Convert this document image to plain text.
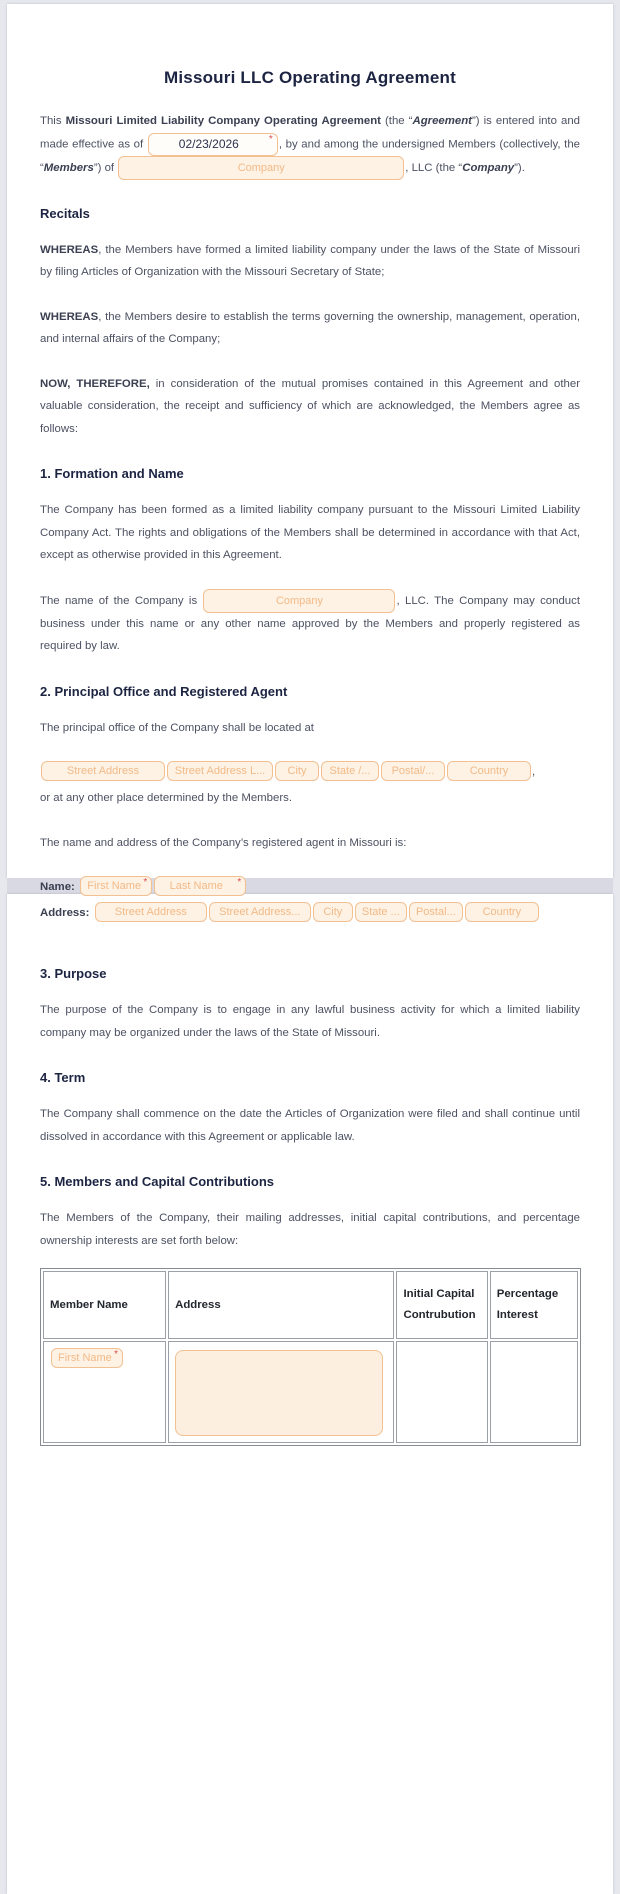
Missouri LLC Operating Agreement

This Missouri Limited Liability Company Operating Agreement (the “Agreement”) is entered into and made effective as of	02/23/2026	* , by and among the undersigned Members (collectively, the “Members”) of	Company	, LLC (the “Company”).

Recitals

WHEREAS, the Members have formed a limited liability company under the laws of the State of Missouri by filing Articles of Organization with the Missouri Secretary of State;

WHEREAS, the Members desire to establish the terms governing the ownership, management, operation, and internal affairs of the Company;

NOW, THEREFORE, in consideration of the mutual promises contained in this Agreement and other valuable consideration, the receipt and sufficiency of which are acknowledged, the Members agree as follows:

1. Formation and Name

The Company has been formed as a limited liability company pursuant to the Missouri Limited Liability Company Act. The rights and obligations of the Members shall be determined in accordance with that Act, except as otherwise provided in this Agreement.

The name of the Company is	Company	, LLC. The Company may conduct business under this name or any other name approved by the Members and properly registered as required by law.

2. Principal Office and Registered Agent

The principal office of the Company shall be located at

Street Address	Street Address L... City State /... Postal/...	Country ,

or at any other place determined by the Members.

The name and address of the Company’s registered agent in Missouri is:

Name: First Name * Last Name *
Address: Street Address	Street Address... City State ... Postal... Country
3. Purpose

The purpose of the Company is to engage in any lawful business activity for which a limited liability company may be organized under the laws of the State of Missouri.

4. Term

The Company shall commence on the date the Articles of Organization were filed and shall continue until dissolved in accordance with this Agreement or applicable law.

5. Members and Capital Contributions

The Members of the Company, their mailing addresses, initial capital contributions, and percentage ownership interests are set forth below:

Member Name	Address	Initial Capital Contrubution	Percentage Interest
First Name *			
